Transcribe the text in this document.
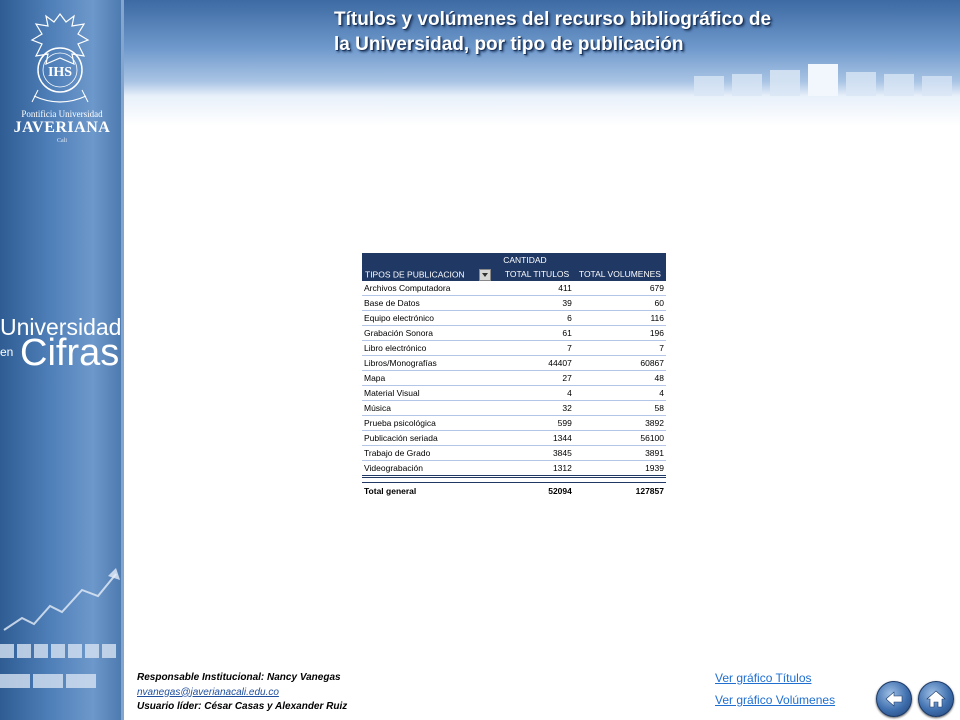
IHS
Pontificia Universidad
JAVERIANA
Cali
Universidad
en Cifras
Títulos y volúmenes del recurso bibliográfico de
la Universidad, por tipo de publicación
	CANTIDAD	
TIPOS DE PUBLICACION	TOTAL TITULOS	TOTAL VOLUMENES
Archivos Computadora	411	679
Base de Datos	39	60
Equipo electrónico	6	116
Grabación Sonora	61	196
Libro electrónico	7	7
Libros/Monografías	44407	60867
Mapa	27	48
Material Visual	4	4
Música	32	58
Prueba psicológica	599	3892
Publicación seriada	1344	56100
Trabajo de Grado	3845	3891
Videograbación	1312	1939

Total general	52094	127857
Responsable Institucional: Nancy Vanegas
nvanegas@javerianacali.edu.co
Usuario líder: César Casas y Alexander Ruiz
Ver gráfico Títulos
Ver gráfico Volúmenes
